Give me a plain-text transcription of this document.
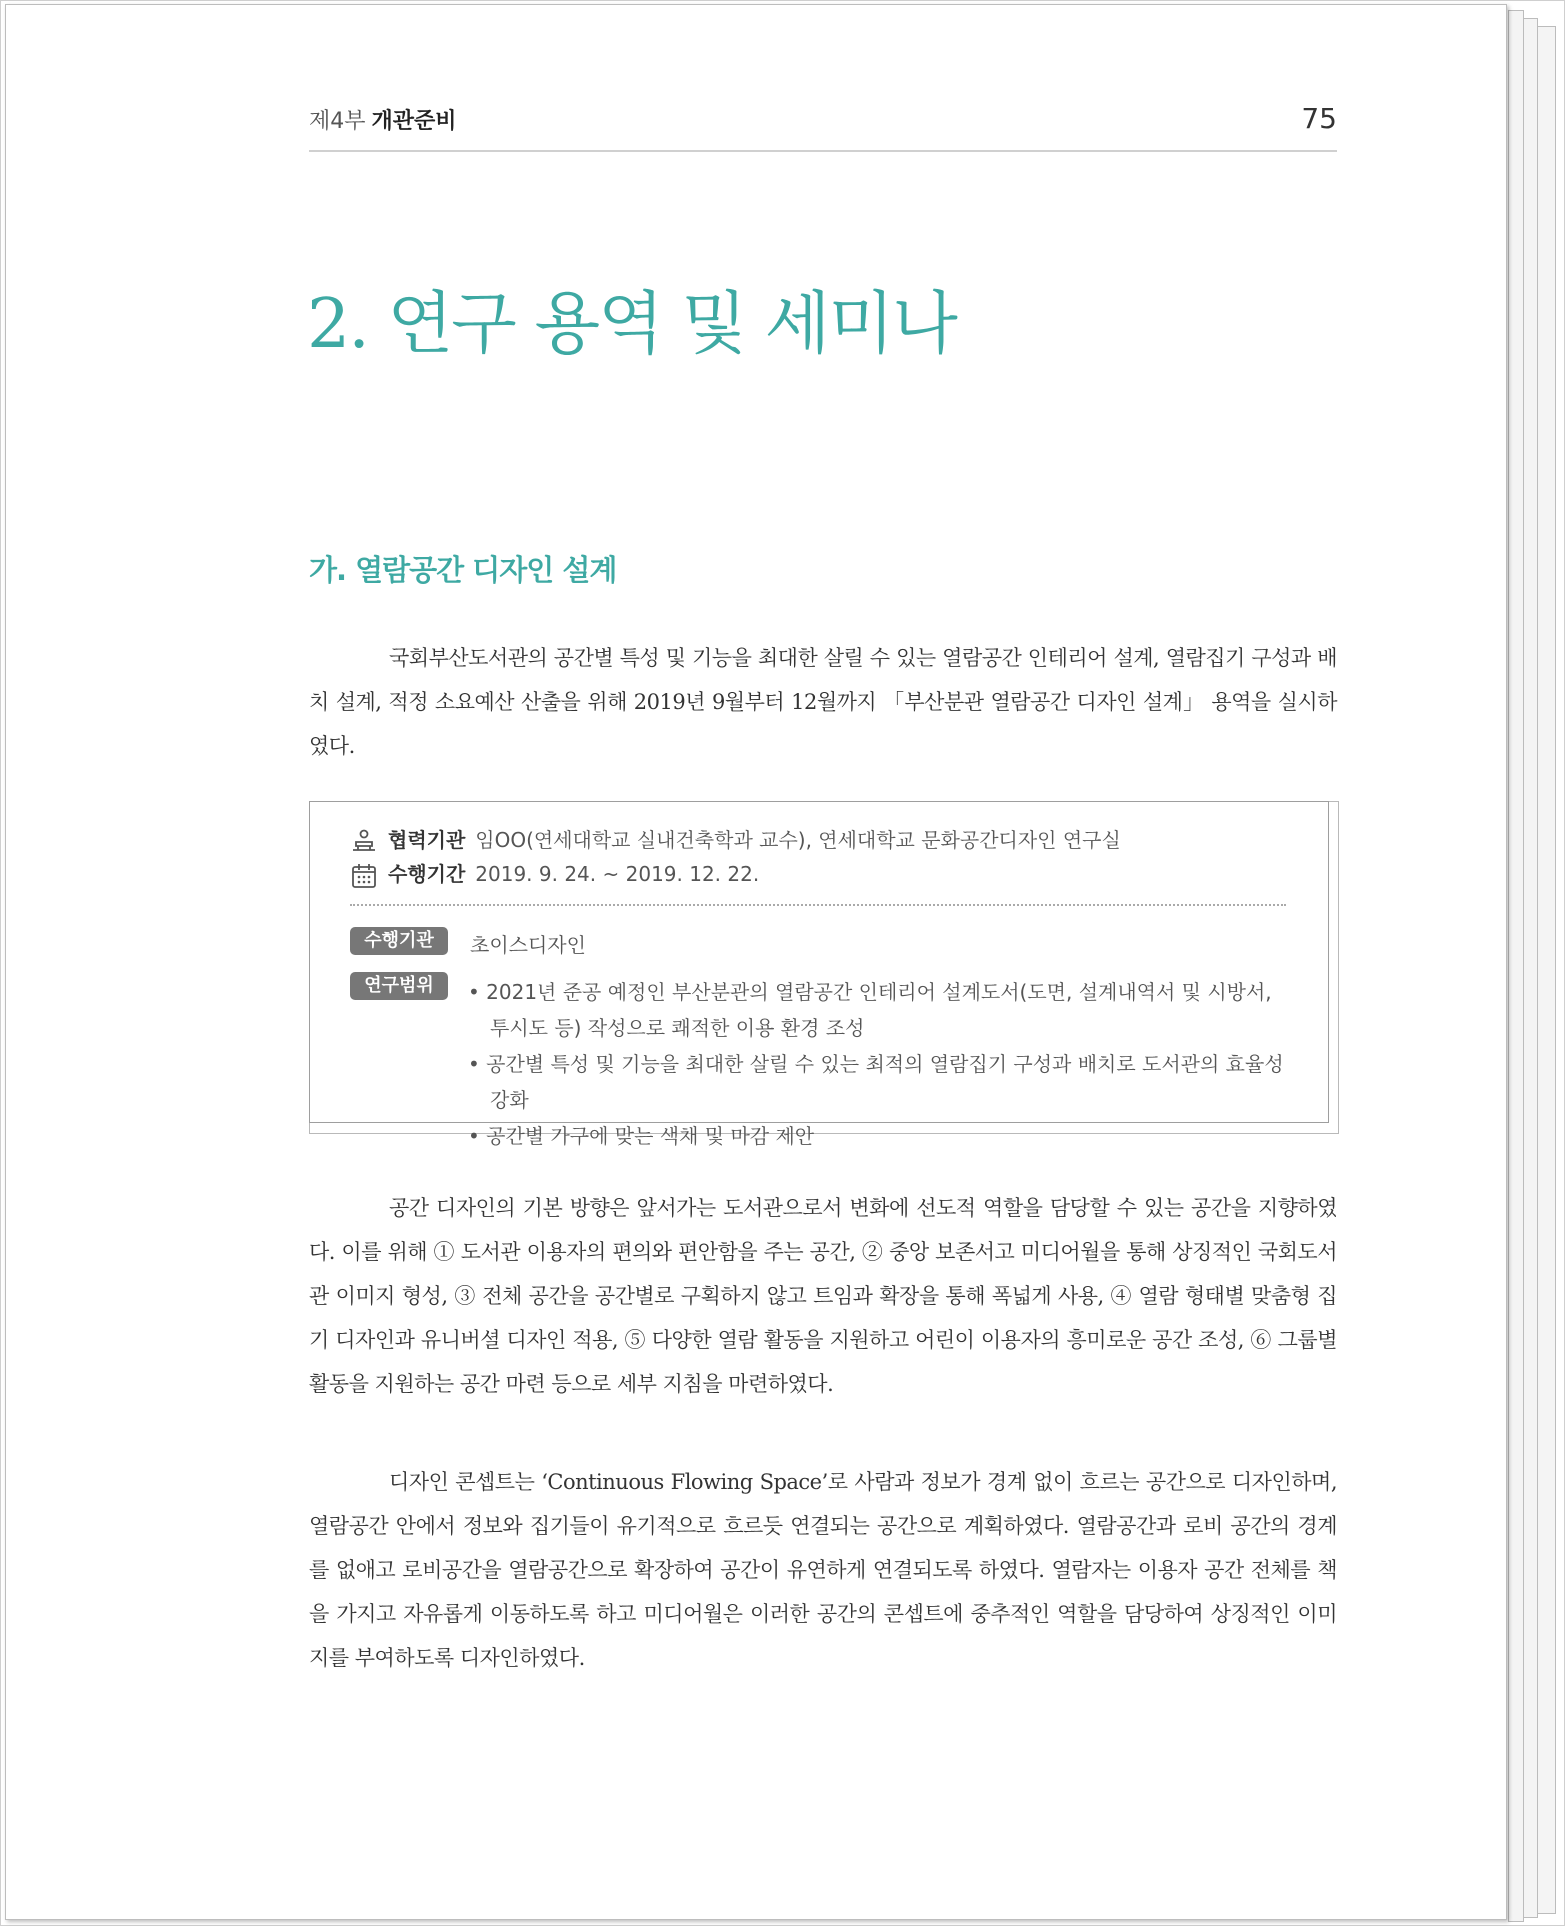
제4부 개관준비	75
2. 연구 용역 및 세미나
가. 열람공간 디자인 설계

국회부산도서관의 공간별 특성 및 기능을 최대한 살릴 수 있는 열람공간 인테리어 설계, 열람집기 구성과 배치 설계, 적정 소요예산 산출을 위해 2019년 9월부터 12월까지 「부산분관 열람공간 디자인 설계」 용역을 실시하였다.

협력기관 임OO(연세대학교 실내건축학과 교수), 연세대학교 문화공간디자인 연구실
수행기간 2019. 9. 24. ~ 2019. 12. 22.
수행기관	초이스디자인
연구범위	• 2021년 준공 예정인 부산분관의 열람공간 인테리어 설계도서(도면, 설계내역서 및 시방서, 투시도 등) 작성으로 쾌적한 이용 환경 조성
• 공간별 특성 및 기능을 최대한 살릴 수 있는 최적의 열람집기 구성과 배치로 도서관의 효율성 강화
• 공간별 가구에 맞는 색채 및 마감 제안

공간 디자인의 기본 방향은 앞서가는 도서관으로서 변화에 선도적 역할을 담당할 수 있는 공간을 지향하였다. 이를 위해 ① 도서관 이용자의 편의와 편안함을 주는 공간, ② 중앙 보존서고 미디어월을 통해 상징적인 국회도서관 이미지 형성, ③ 전체 공간을 공간별로 구획하지 않고 트임과 확장을 통해 폭넓게 사용, ④ 열람 형태별 맞춤형 집기 디자인과 유니버셜 디자인 적용, ⑤ 다양한 열람 활동을 지원하고 어린이 이용자의 흥미로운 공간 조성, ⑥ 그룹별 활동을 지원하는 공간 마련 등으로 세부 지침을 마련하였다.

디자인 콘셉트는 ‘Continuous Flowing Space’로 사람과 정보가 경계 없이 흐르는 공간으로 디자인하며, 열람공간 안에서 정보와 집기들이 유기적으로 흐르듯 연결되는 공간으로 계획하였다. 열람공간과 로비 공간의 경계를 없애고 로비공간을 열람공간으로 확장하여 공간이 유연하게 연결되도록 하였다. 열람자는 이용자 공간 전체를 책을 가지고 자유롭게 이동하도록 하고 미디어월은 이러한 공간의 콘셉트에 중추적인 역할을 담당하여 상징적인 이미지를 부여하도록 디자인하였다.
